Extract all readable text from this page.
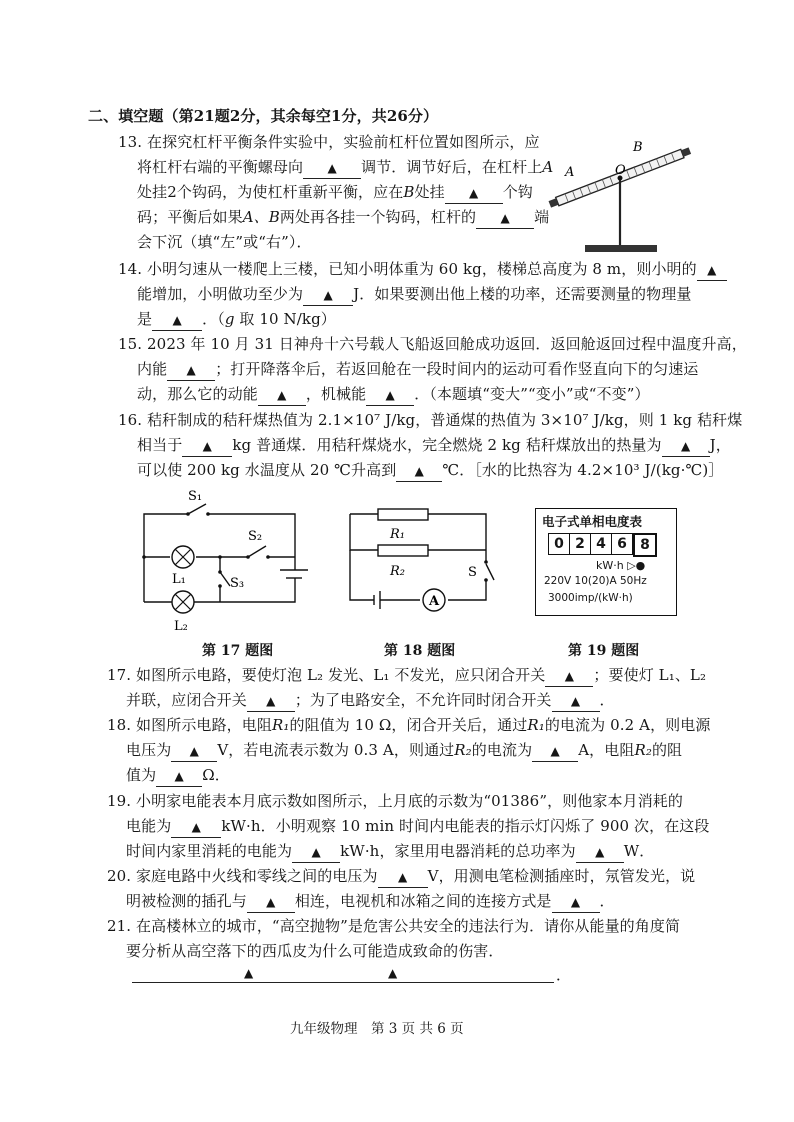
二、填空题（第21题2分，其余每空1分，共26分）
13. 在探究杠杆平衡条件实验中，实验前杠杆位置如图所示，应
将杠杆右端的平衡螺母向 ▲ 调节．调节好后，在杠杆上A
处挂2个钩码，为使杠杆重新平衡，应在B处挂 ▲ 个钩
码；平衡后如果A、B两处再各挂一个钩码，杠杆的 ▲ 端
会下沉（填“左”或“右”）．
A
B
O
14. 小明匀速从一楼爬上三楼，已知小明体重为 60 kg，楼梯总高度为 8 m，则小明的 ▲
能增加，小明做功至少为 ▲ J．如果要测出他上楼的功率，还需要测量的物理量
是 ▲ ．（g 取 10 N/kg）
15. 2023 年 10 月 31 日神舟十六号载人飞船返回舱成功返回．返回舱返回过程中温度升高，
内能 ▲ ；打开降落伞后，若返回舱在一段时间内的运动可看作竖直向下的匀速运
动，那么它的动能 ▲ ，机械能 ▲ ．（本题填“变大”“变小”或“不变”）
16. 秸秆制成的秸秆煤热值为 2.1×10⁷ J/kg，普通煤的热值为 3×10⁷ J/kg，则 1 kg 秸秆煤
相当于 ▲ kg 普通煤．用秸秆煤烧水，完全燃烧 2 kg 秸秆煤放出的热量为 ▲ J，
可以使 200 kg 水温度从 20 ℃升高到 ▲ ℃．［水的比热容为 4.2×10³ J/(kg·℃)］
S₁
S₂
S₃
L₁
L₂
第 17 题图
A
R₁
R₂	S
第 18 题图
电子式单相电度表
0 2 4 6 8
kW·h ▷●
220V 10(20)A 50Hz
3000imp/(kW·h)
第 19 题图
17. 如图所示电路，要使灯泡 L₂ 发光、L₁ 不发光，应只闭合开关 ▲ ；要使灯 L₁、L₂
并联，应闭合开关 ▲ ；为了电路安全，不允许同时闭合开关 ▲ ．
18. 如图所示电路，电阻R₁的阻值为 10 Ω，闭合开关后，通过R₁的电流为 0.2 A，则电源
电压为 ▲ V，若电流表示数为 0.3 A，则通过R₂的电流为 ▲ A，电阻R₂的阻
值为 ▲ Ω．
19. 小明家电能表本月底示数如图所示，上月底的示数为“01386”，则他家本月消耗的
电能为 ▲ kW·h．小明观察 10 min 时间内电能表的指示灯闪烁了 900 次，在这段
时间内家里消耗的电能为 ▲ kW·h，家里用电器消耗的总功率为 ▲ W．
20. 家庭电路中火线和零线之间的电压为 ▲ V，用测电笔检测插座时，氖管发光，说
明被检测的插孔与 ▲ 相连，电视机和冰箱之间的连接方式是 ▲ ．
21. 在高楼林立的城市，“高空抛物”是危害公共安全的违法行为．请你从能量的角度简
要分析从高空落下的西瓜皮为什么可能造成致命的伤害．
▲	▲	．
九年级物理　第 3 页 共 6 页
